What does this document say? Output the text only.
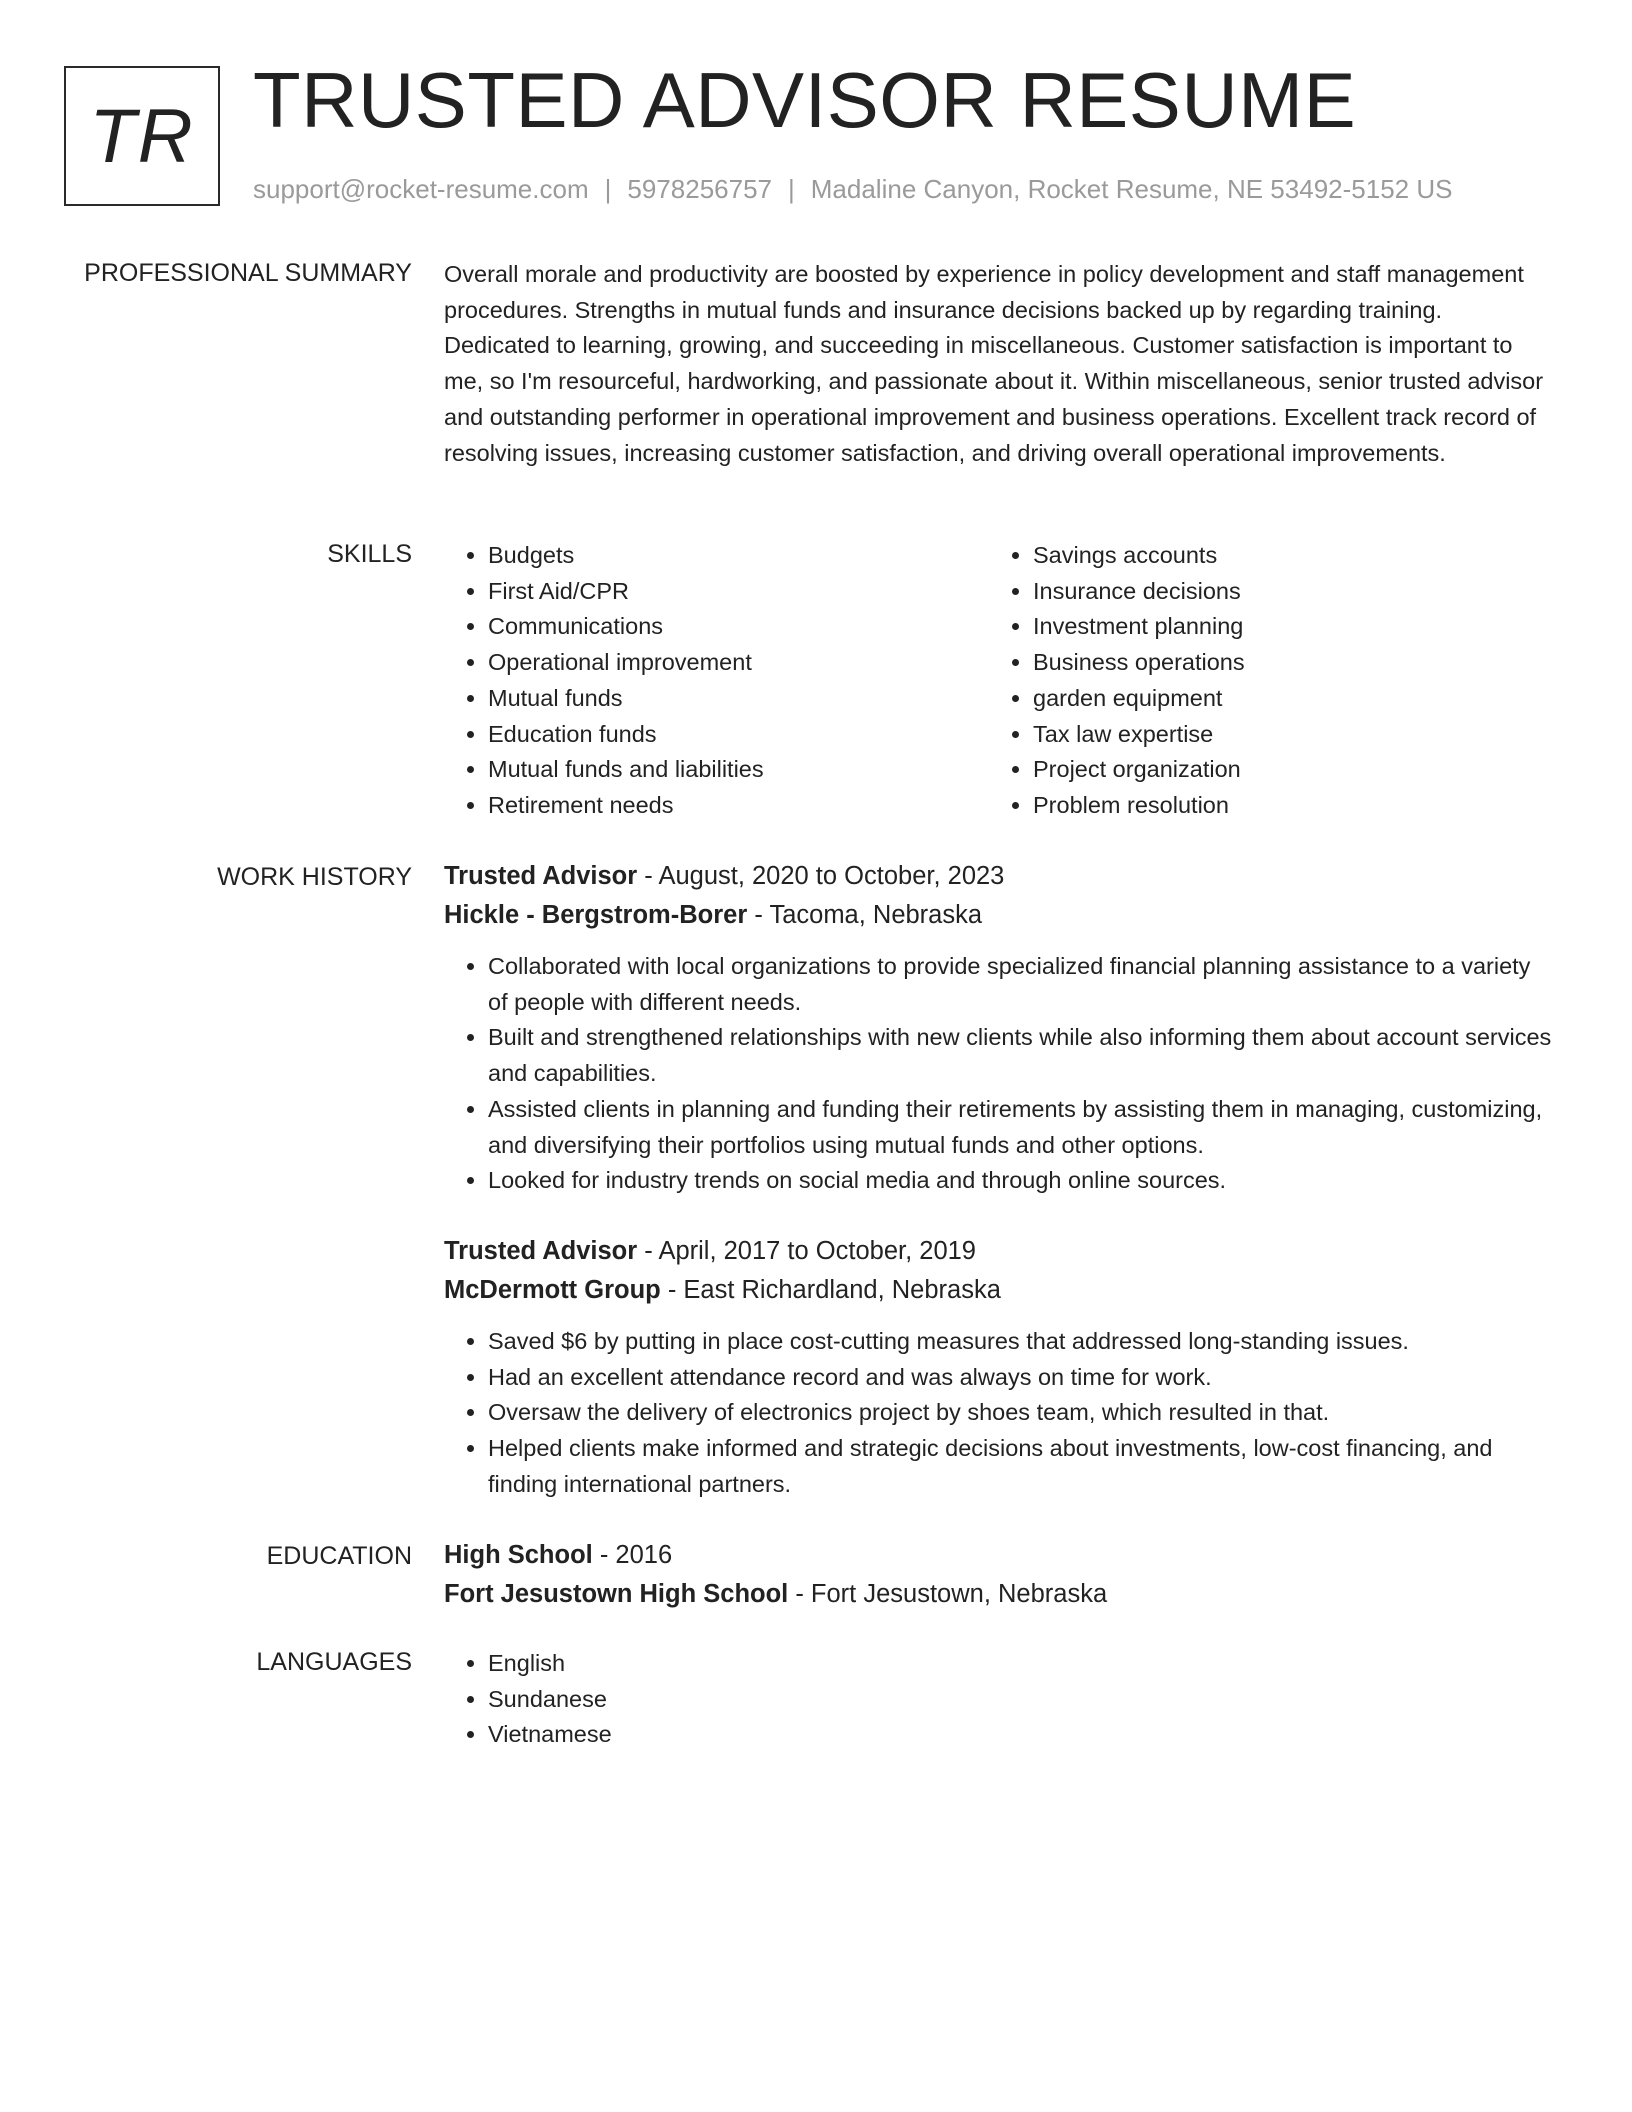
TR TRUSTED ADVISOR RESUME
support@rocket-resume.com | 5978256757 | Madaline Canyon, Rocket Resume, NE 53492-5152 US
PROFESSIONAL SUMMARY Overall morale and productivity are boosted by experience in policy development and staff management procedures. Strengths in mutual funds and insurance decisions backed up by regarding training. Dedicated to learning, growing, and succeeding in miscellaneous. Customer satisfaction is important to me, so I'm resourceful, hardworking, and passionate about it. Within miscellaneous, senior trusted advisor and outstanding performer in operational improvement and business operations. Excellent track record of resolving issues, increasing customer satisfaction, and driving overall operational improvements.

SKILLS	• Budgets
• First Aid/CPR
• Communications
• Operational improvement
• Mutual funds
• Education funds
• Mutual funds and liabilities
• Retirement needs
• Savings accounts
• Insurance decisions
• Investment planning
• Business operations
• garden equipment
• Tax law expertise
• Project organization
• Problem resolution
WORK HISTORY Trusted Advisor - August, 2020 to October, 2023
Hickle - Bergstrom-Borer - Tacoma, Nebraska
• Collaborated with local organizations to provide specialized financial planning assistance to a variety of people with different needs.
• Built and strengthened relationships with new clients while also informing them about account services and capabilities.
• Assisted clients in planning and funding their retirements by assisting them in managing, customizing, and diversifying their portfolios using mutual funds and other options.
• Looked for industry trends on social media and through online sources.
Trusted Advisor - April, 2017 to October, 2019
McDermott Group - East Richardland, Nebraska
• Saved $6 by putting in place cost-cutting measures that addressed long-standing issues.
• Had an excellent attendance record and was always on time for work.
• Oversaw the delivery of electronics project by shoes team, which resulted in that.
• Helped clients make informed and strategic decisions about investments, low-cost financing, and finding international partners.
EDUCATION High School - 2016
Fort Jesustown High School - Fort Jesustown, Nebraska
LANGUAGES	• English
• Sundanese
• Vietnamese
